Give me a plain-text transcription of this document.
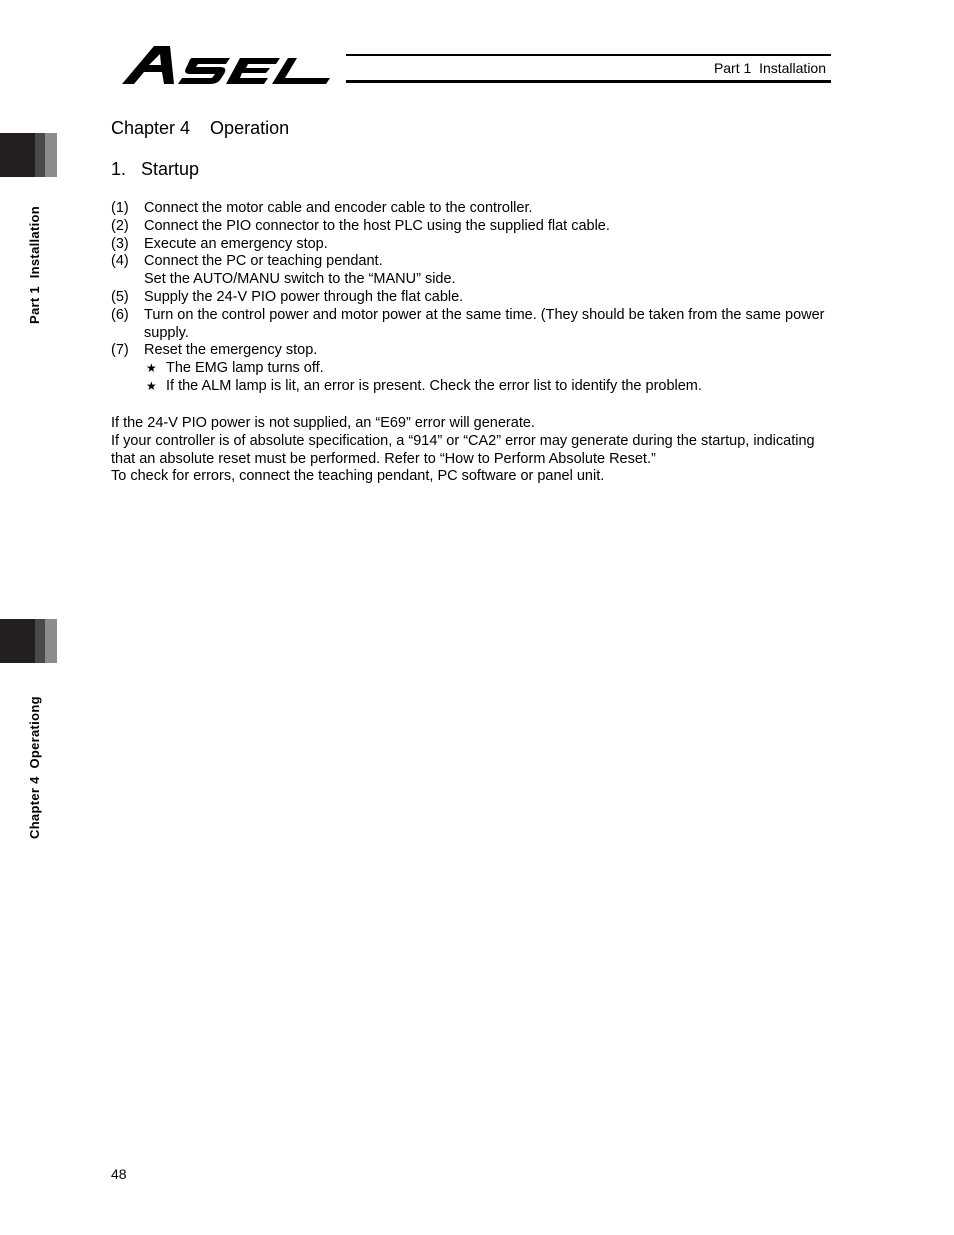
Part 1  Installation
Part 1  Installation
Chapter 4  Operationg
Chapter 4    Operation
1.   Startup
(1) Connect the motor cable and encoder cable to the controller.
(2) Connect the PIO connector to the host PLC using the supplied flat cable.
(3) Execute an emergency stop.
(4) Connect the PC or teaching pendant.
Set the AUTO/MANU switch to the “MANU” side.
(5) Supply the 24-V PIO power through the flat cable.
(6) Turn on the control power and motor power at the same time. (They should be taken from the same power supply.
(7) Reset the emergency stop.
★ The EMG lamp turns off.
★ If the ALM lamp is lit, an error is present. Check the error list to identify the problem.
If the 24-V PIO power is not supplied, an “E69” error will generate.
If your controller is of absolute specification, a “914” or “CA2” error may generate during the startup, indicating that an absolute reset must be performed. Refer to “How to Perform Absolute Reset.”
To check for errors, connect the teaching pendant, PC software or panel unit.
48
